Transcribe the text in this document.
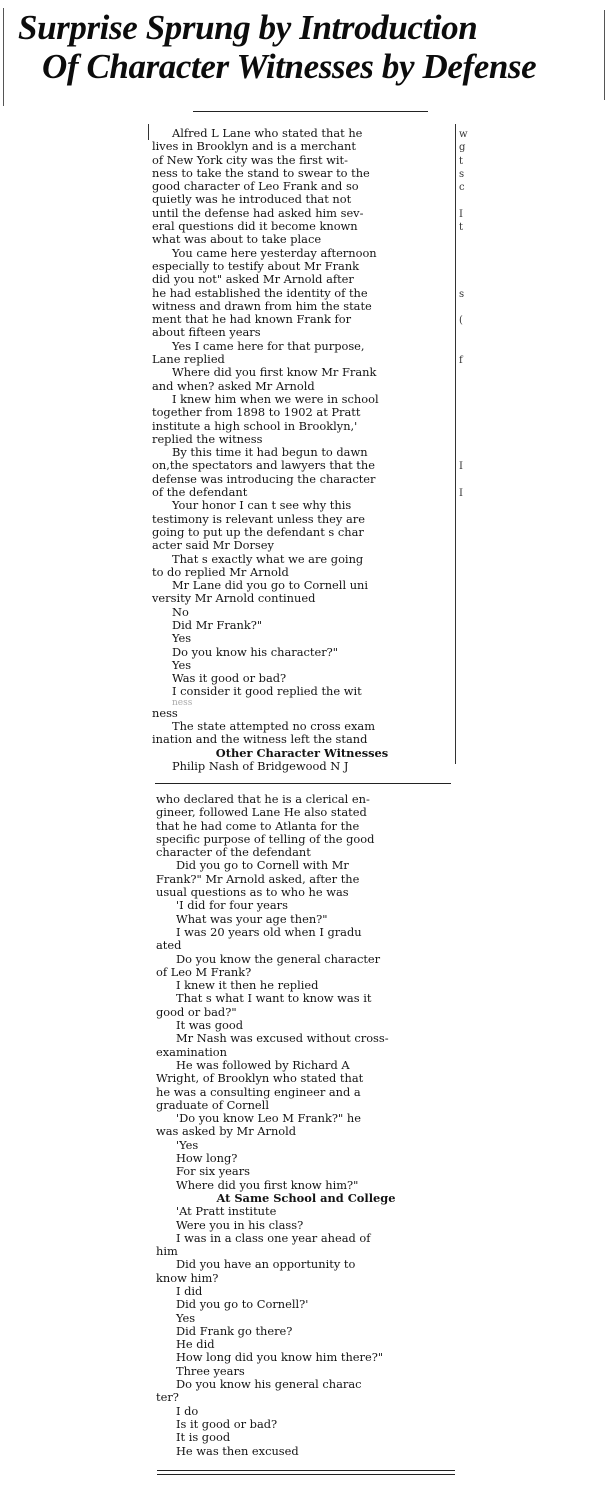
Surprise Sprung by Introduction
Of Character Witnesses by Defense

Alfred L Lane who stated that he

lives in Brooklyn and is a merchant

of New York city was the first wit-

ness to take the stand to swear to the

good character of Leo Frank and so

quietly was he introduced that not

until the defense had asked him sev-

eral questions did it become known

what was about to take place

You came here yesterday afternoon

especially to testify about Mr Frank

did you not" asked Mr Arnold after

he had established the identity of the

witness and drawn from him the state

ment that he had known Frank for

about fifteen years

Yes I came here for that purpose,

Lane replied

Where did you first know Mr Frank

and when? asked Mr Arnold

I knew him when we were in school

together from 1898 to 1902 at Pratt

institute a high school in Brooklyn,'

replied the witness

By this time it had begun to dawn

on,the spectators and lawyers that the

defense was introducing the character

of the defendant

Your honor I can t see why this

testimony is relevant unless they are

going to put up the defendant s char

acter said Mr Dorsey

That s exactly what we are going

to do replied Mr Arnold

Mr Lane did you go to Cornell uni

versity Mr Arnold continued

No

Did Mr Frank?"

Yes

Do you know his character?"

Yes

Was it good or bad?

I consider it good replied the wit

ness

ness

The state attempted no cross exam

ination and the witness left the stand

Other Character Witnesses

Philip Nash of Bridgewood N J

w
g
t
s
c
I
t
s
(
f
I
I

who declared that he is a clerical en-

gineer, followed Lane He also stated

that he had come to Atlanta for the

specific purpose of telling of the good

character of the defendant

Did you go to Cornell with Mr

Frank?" Mr Arnold asked, after the

usual questions as to who he was

'I did for four years

What was your age then?"

I was 20 years old when I gradu

ated

Do you know the general character

of Leo M Frank?

I knew it then he replied

That s what I want to know was it

good or bad?"

It was good

Mr Nash was excused without cross-

examination

He was followed by Richard A

Wright, of Brooklyn who stated that

he was a consulting engineer and a

graduate of Cornell

'Do you know Leo M Frank?" he

was asked by Mr Arnold

'Yes

How long?

For six years

Where did you first know him?"

At Same School and College

'At Pratt institute

Were you in his class?

I was in a class one year ahead of

him

Did you have an opportunity to

know him?

I did

Did you go to Cornell?'

Yes

Did Frank go there?

He did

How long did you know him there?"

Three years

Do you know his general charac

ter?

I do

Is it good or bad?

It is good

He was then excused
